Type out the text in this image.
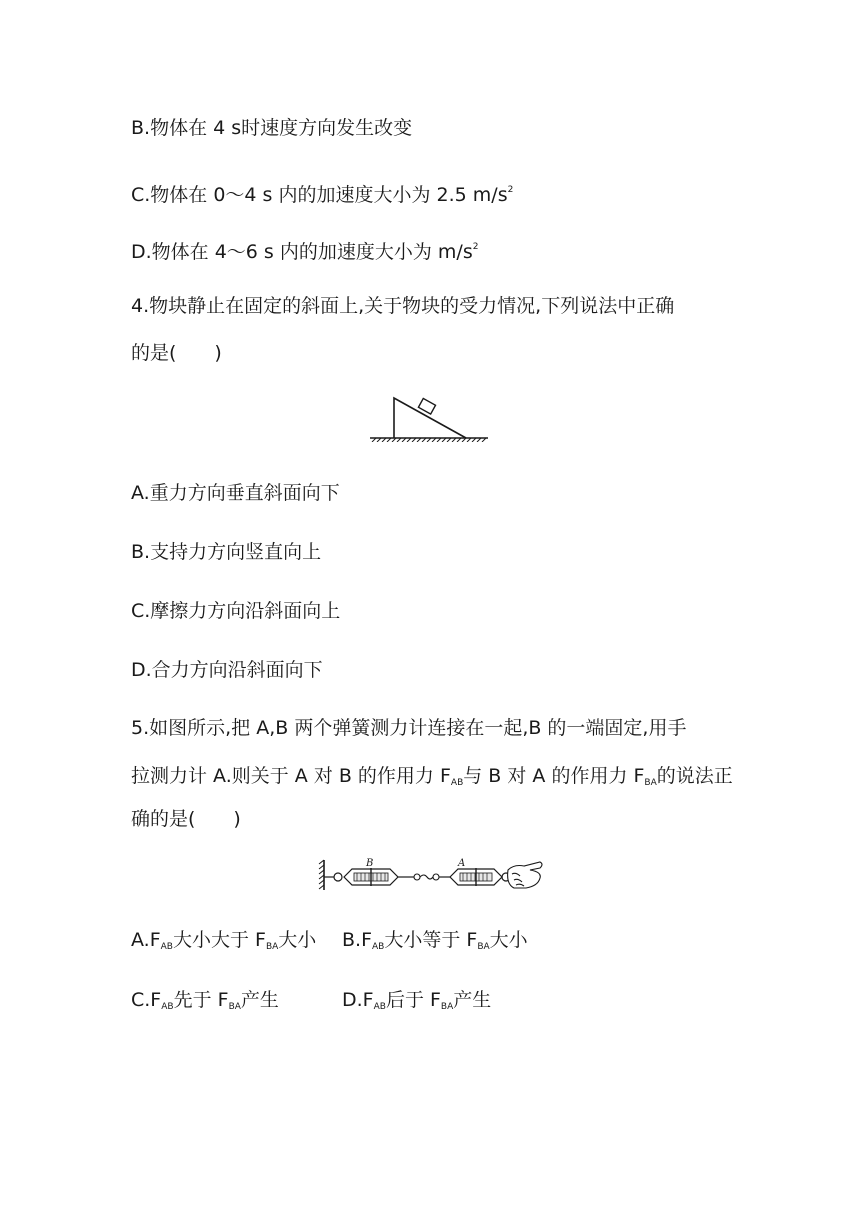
B.物体在 4 s时速度方向发生改变
C.物体在 0～4 s 内的加速度大小为 2.5 $m/s^2$
D.物体在 4～6 s 内的加速度大小为 $m/s^2$
4.物块静止在固定的斜面上,关于物块的受力情况,下列说法中正确
的是(　　)
A.重力方向垂直斜面向下
B.支持力方向竖直向上
C.摩擦力方向沿斜面向上
D.合力方向沿斜面向下
5.如图所示,把 A,B 两个弹簧测力计连接在一起,B 的一端固定,用手
拉测力计 A.则关于 A 对 B 的作用力 $F_{AB}$与 B 对 A 的作用力 $F_{BA}$的说法正
确的是(　　)
B	A
$A.F_{AB}$大小大于 $F_{BA}$大小 $B.F_{AB}$大小等于 $F_{BA}$大小
$C.F_{AB}$先于 $F_{BA}$产生	$D.F_{AB}$后于 $F_{BA}$产生
